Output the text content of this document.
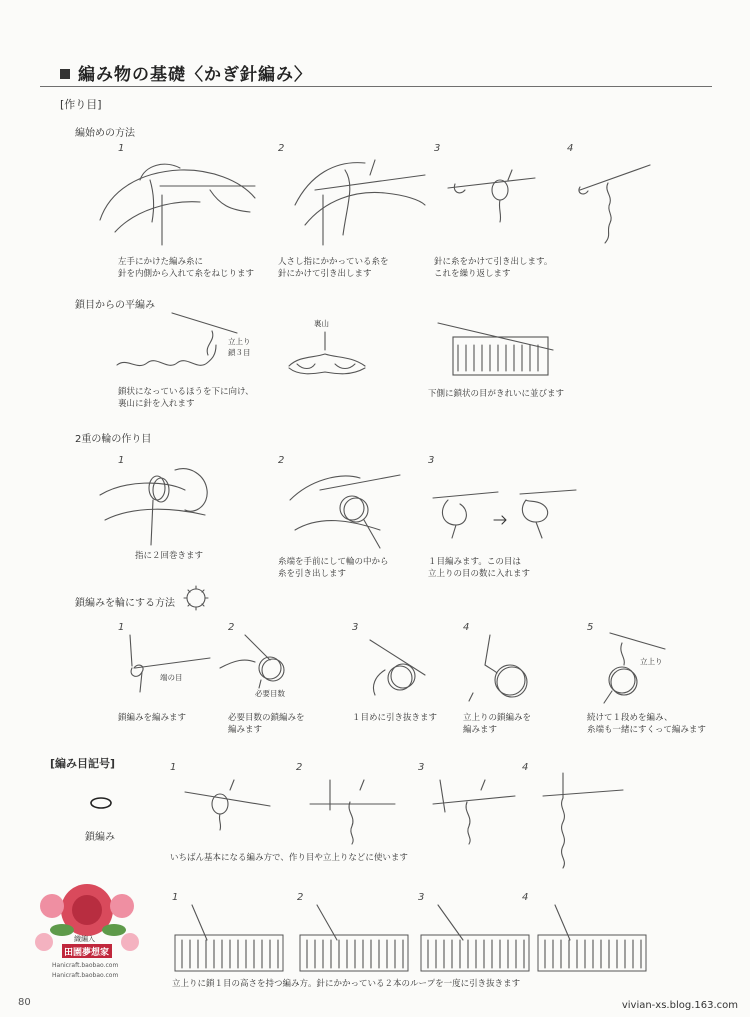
編み物の基礎〈かぎ針編み〉
[作り目]
編始めの方法
1	2	3	4
左手にかけた編み糸に
針を内側から入れて糸をねじります
人さし指にかかっている糸を
針にかけて引き出します
針に糸をかけて引き出します。
これを繰り返します
鎖目からの平編み
立上り
鎖３目
裏山
鎖状になっているほうを下に向け、
裏山に針を入れます
下側に鎖状の目がきれいに並びます
2重の輪の作り目
1	2	3
指に２回巻きます
糸端を手前にして輪の中から
糸を引き出します
１目編みます。この目は
立上りの目の数に入れます
鎖編みを輪にする方法
1	2	3	4	5
端の目
必要目数
立上り
鎖編みを編みます	必要目数の鎖編みを
編みます
１目めに引き抜きます	立上りの鎖編みを
編みます
続けて１段めを編み、
糸端も一緒にすくって編みます
[編み目記号]
鎖編み
1	2	3	4
いちばん基本になる編み方で、作り目や立上りなどに使います
1	2	3	4
立上りに鎖１目の高さを持つ編み方。針にかかっている２本のループを一度に引き抜きます
織編入
田園夢想家
Hanicraft.baobao.com
Hanicraft.baobao.com
80	vivian-xs.blog.163.com
